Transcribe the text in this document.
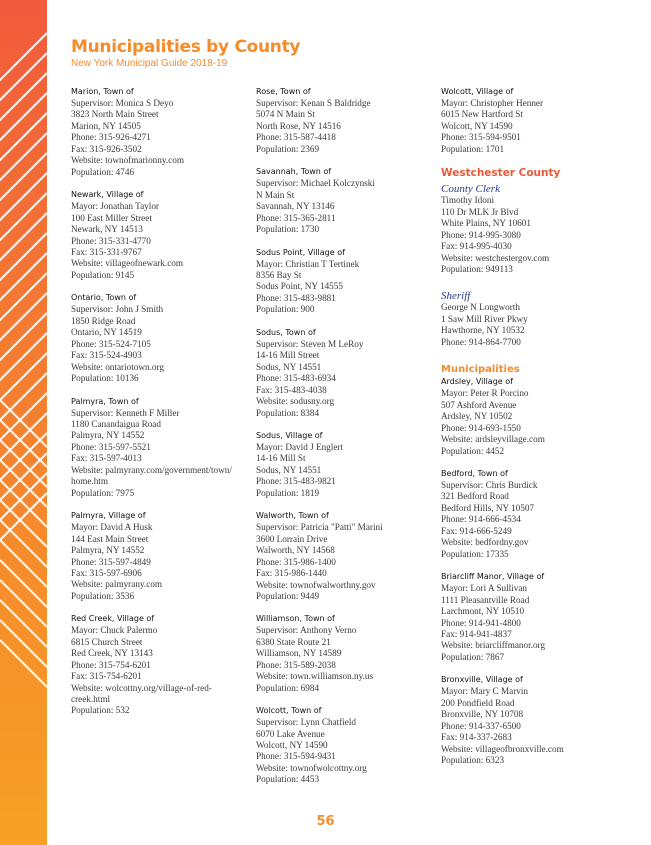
Municipalities by County
New York Municipal Guide 2018-19
Marion, Town of
Supervisor: Monica S Deyo
3823 North Main Street
Marion, NY 14505
Phone: 315-926-4271
Fax: 315-926-3502
Website: townofmarionny.com
Population: 4746
Newark, Village of
Mayor: Jonathan Taylor
100 East Miller Street
Newark, NY 14513
Phone: 315-331-4770
Fax: 315-331-9767
Website: villageofnewark.com
Population: 9145
Ontario, Town of
Supervisor: John J Smith
1850 Ridge Road
Ontario, NY 14519
Phone: 315-524-7105
Fax: 315-524-4903
Website: ontariotown.org
Population: 10136
Palmyra, Town of
Supervisor: Kenneth F Miller
1180 Canandaigua Road
Palmyra, NY 14552
Phone: 315-597-5521
Fax: 315-597-4013
Website: palmyrany.com/government/town/
home.htm
Population: 7975
Palmyra, Village of
Mayor: David A Husk
144 East Main Street
Palmyra, NY 14552
Phone: 315-597-4849
Fax: 315-597-6906
Website: palmyrany.com
Population: 3536
Red Creek, Village of
Mayor: Chuck Palermo
6815 Church Street
Red Creek, NY 13143
Phone: 315-754-6201
Fax: 315-754-6201
Website: wolcottny.org/village-of-red-
creek.html
Population: 532
Rose, Town of
Supervisor: Kenan S Baldridge
5074 N Main St
North Rose, NY 14516
Phone: 315-587-4418
Population: 2369
Savannah, Town of
Supervisor: Michael Kolczynski
N Main St
Savannah, NY 13146
Phone: 315-365-2811
Population: 1730
Sodus Point, Village of
Mayor: Christian T Tertinek
8356 Bay St
Sodus Point, NY 14555
Phone: 315-483-9881
Population: 900
Sodus, Town of
Supervisor: Steven M LeRoy
14-16 Mill Street
Sodus, NY 14551
Phone: 315-483-6934
Fax: 315-483-4038
Website: sodusny.org
Population: 8384
Sodus, Village of
Mayor: David J Englert
14-16 Mill St
Sodus, NY 14551
Phone: 315-483-9821
Population: 1819
Walworth, Town of
Supervisor: Patricia "Patti" Marini
3600 Lorrain Drive
Walworth, NY 14568
Phone: 315-986-1400
Fax: 315-986-1440
Website: townofwalworthny.gov
Population: 9449
Williamson, Town of
Supervisor: Anthony Verno
6380 State Route 21
Williamson, NY 14589
Phone: 315-589-2038
Website: town.williamson.ny.us
Population: 6984
Wolcott, Town of
Supervisor: Lynn Chatfield
6070 Lake Avenue
Wolcott, NY 14590
Phone: 315-594-9431
Website: townofwolcottny.org
Population: 4453
Wolcott, Village of
Mayor: Christopher Henner
6015 New Hartford St
Wolcott, NY 14590
Phone: 315-594-9501
Population: 1701
Westchester County
County Clerk
Timothy Idoni
110 Dr MLK Jr Blvd
White Plains, NY 10601
Phone: 914-995-3080
Fax: 914-995-4030
Website: westchestergov.com
Population: 949113
Sheriff
George N Longworth
1 Saw Mill River Pkwy
Hawthorne, NY 10532
Phone: 914-864-7700
Municipalities
Ardsley, Village of
Mayor: Peter R Porcino
507 Ashford Avenue
Ardsley, NY 10502
Phone: 914-693-1550
Website: ardsleyvillage.com
Population: 4452
Bedford, Town of
Supervisor: Chris Burdick
321 Bedford Road
Bedford Hills, NY 10507
Phone: 914-666-4534
Fax: 914-666-5249
Website: bedfordny.gov
Population: 17335
Briarcliff Manor, Village of
Mayor: Lori A Sullivan
1111 Pleasantville Road
Larchmont, NY 10510
Phone: 914-941-4800
Fax: 914-941-4837
Website: briarcliffmanor.org
Population: 7867
Bronxville, Village of
Mayor: Mary C Marvin
200 Pondfield Road
Bronxville, NY 10708
Phone: 914-337-6500
Fax: 914-337-2683
Website: villageofbronxville.com
Population: 6323
56
